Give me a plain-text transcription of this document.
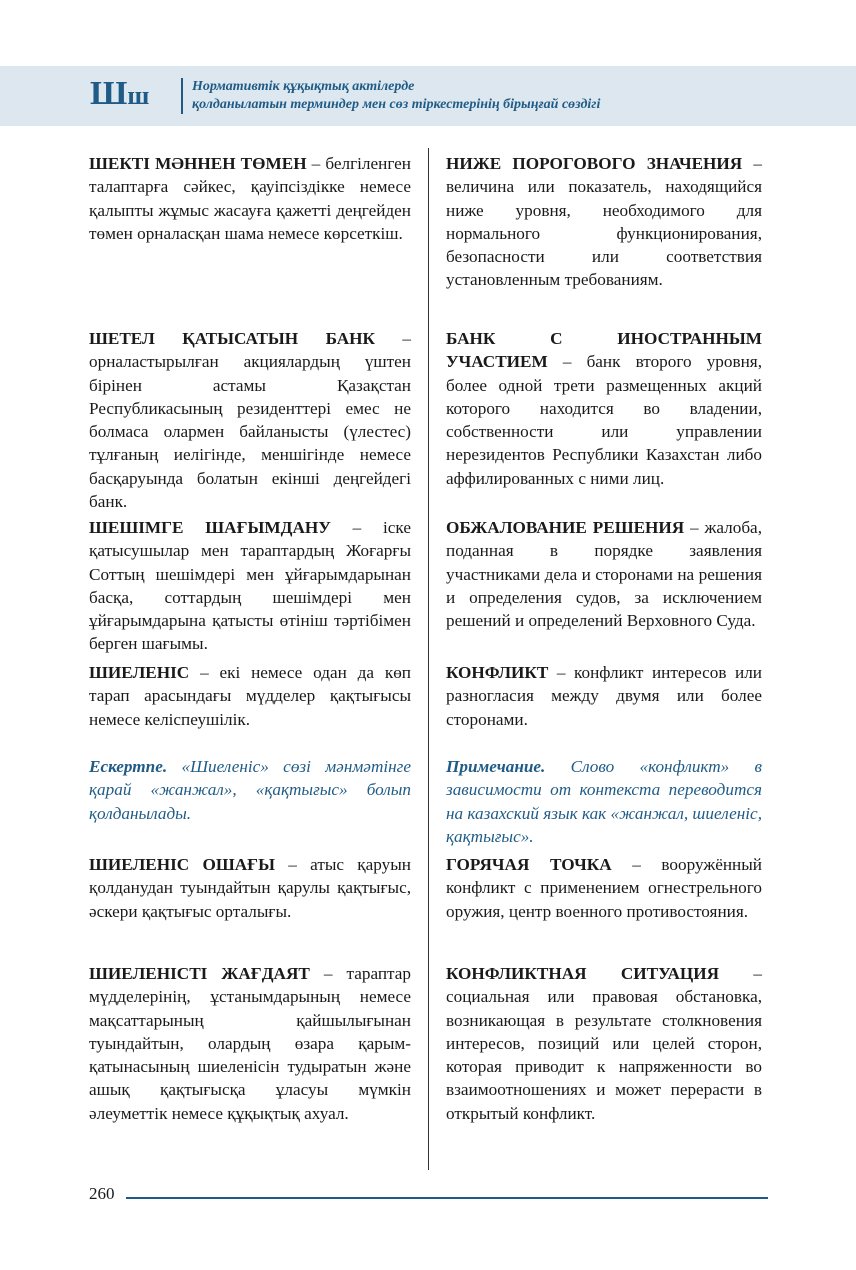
Шш	Нормативтік құқықтық актілерде
қолданылатын терминдер мен сөз тіркестерінің бірыңғай сөздігі

ШЕКТІ МӘННЕН ТӨМЕН – белгіленген талаптарға сәйкес, қауіпсіздікке немесе қалыпты жұмыс жасауға қажетті деңгейден төмен орналасқан шама немесе көрсеткіш.

ШЕТЕЛ ҚАТЫСАТЫН БАНК – орналастырылған акциялардың үштен бірінен астамы Қазақстан Республикасының резиденттері емес не болмаса олармен байланысты (үлестес) тұлғаның иелігінде, меншігінде немесе басқаруында болатын екінші деңгейдегі банк.

ШЕШІМГЕ ШАҒЫМДАНУ – іске қатысушылар мен тараптардың Жоғарғы Соттың шешімдері мен ұйғарымдарынан басқа, соттардың шешімдері мен ұйғарымдарына қатысты өтініш тәртібімен берген шағымы.

ШИЕЛЕНІС – екі немесе одан да көп тарап арасындағы мүдделер қақтығысы немесе келіспеушілік.

Ескертпе. «Шиеленіс» сөзі мәнмәтінге қарай «жанжал», «қақтығыс» болып қолданылады.

ШИЕЛЕНІС ОШАҒЫ – атыс қаруын қолданудан туындайтын қарулы қақтығыс, әскери қақтығыс орталығы.

ШИЕЛЕНІСТІ ЖАҒДАЯТ – тараптар мүдделерінің, ұстанымдарының немесе мақсаттарының қайшылығынан туындайтын, олардың өзара қарым-қатынасының шиеленісін тудыратын және ашық қақтығысқа ұласуы мүмкін әлеуметтік немесе құқықтық ахуал.

НИЖЕ ПОРОГОВОГО ЗНАЧЕНИЯ – величина или показатель, находящийся ниже уровня, необходимого для нормального функционирования, безопасности или соответствия установленным требованиям.

БАНК С ИНОСТРАННЫМ УЧАСТИЕМ – банк второго уровня, более одной трети размещенных акций которого находится во владении, собственности или управлении нерезидентов Республики Казахстан либо аффилированных с ними лиц.

ОБЖАЛОВАНИЕ РЕШЕНИЯ – жалоба, поданная в порядке заявления участниками дела и сторонами на решения и определения судов, за исключением решений и определений Верховного Суда.

КОНФЛИКТ – конфликт интересов или разногласия между двумя или более сторонами.

Примечание. Слово «конфликт» в зависимости от контекста переводится на казахский язык как «жанжал, шиеленіс, қақтығыс».

ГОРЯЧАЯ ТОЧКА – вооружённый конфликт с применением огнестрельного оружия, центр военного противостояния.

КОНФЛИКТНАЯ СИТУАЦИЯ – социальная или правовая обстановка, возникающая в результате столкновения интересов, позиций или целей сторон, которая приводит к напряженности во взаимоотношениях и может перерасти в открытый конфликт.

260
